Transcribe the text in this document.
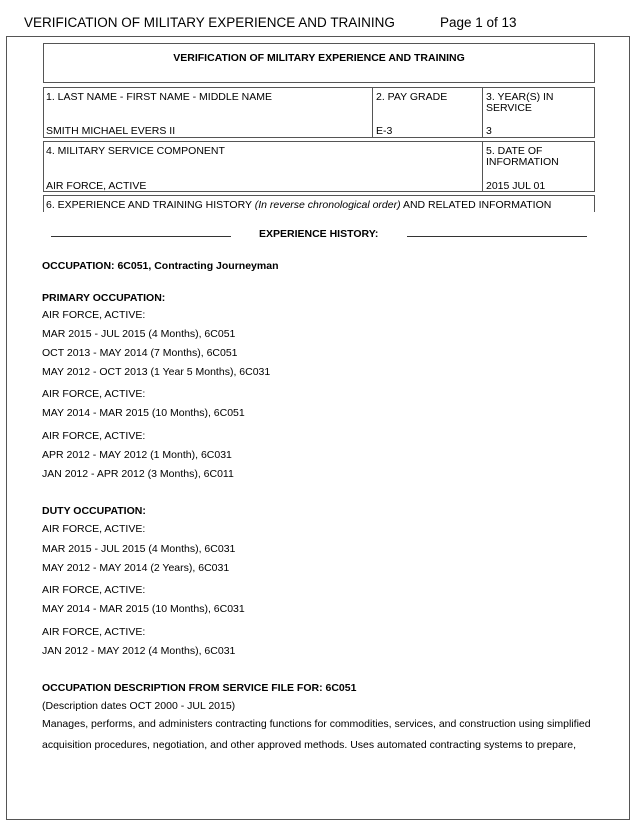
VERIFICATION OF MILITARY EXPERIENCE AND TRAINING	Page 1 of 13
VERIFICATION OF MILITARY EXPERIENCE AND TRAINING
1. LAST NAME - FIRST NAME - MIDDLE NAME
SMITH MICHAEL EVERS II
2. PAY GRADE
E-3
3. YEAR(S) IN
SERVICE
3
4. MILITARY SERVICE COMPONENT
AIR FORCE, ACTIVE
5. DATE OF
INFORMATION
2015 JUL 01
6. EXPERIENCE AND TRAINING HISTORY (In reverse chronological order) AND RELATED INFORMATION
EXPERIENCE HISTORY:
OCCUPATION: 6C051, Contracting Journeyman
PRIMARY OCCUPATION:
AIR FORCE, ACTIVE:
MAR 2015 - JUL 2015 (4 Months), 6C051
OCT 2013 - MAY 2014 (7 Months), 6C051
MAY 2012 - OCT 2013 (1 Year 5 Months), 6C031
AIR FORCE, ACTIVE:
MAY 2014 - MAR 2015 (10 Months), 6C051
AIR FORCE, ACTIVE:
APR 2012 - MAY 2012 (1 Month), 6C031
JAN 2012 - APR 2012 (3 Months), 6C011
DUTY OCCUPATION:
AIR FORCE, ACTIVE:
MAR 2015 - JUL 2015 (4 Months), 6C031
MAY 2012 - MAY 2014 (2 Years), 6C031
AIR FORCE, ACTIVE:
MAY 2014 - MAR 2015 (10 Months), 6C031
AIR FORCE, ACTIVE:
JAN 2012 - MAY 2012 (4 Months), 6C031
OCCUPATION DESCRIPTION FROM SERVICE FILE FOR: 6C051
(Description dates OCT 2000 - JUL 2015)
Manages, performs, and administers contracting functions for commodities, services, and construction using simplified acquisition procedures, negotiation, and other approved methods. Uses automated contracting systems to prepare,
